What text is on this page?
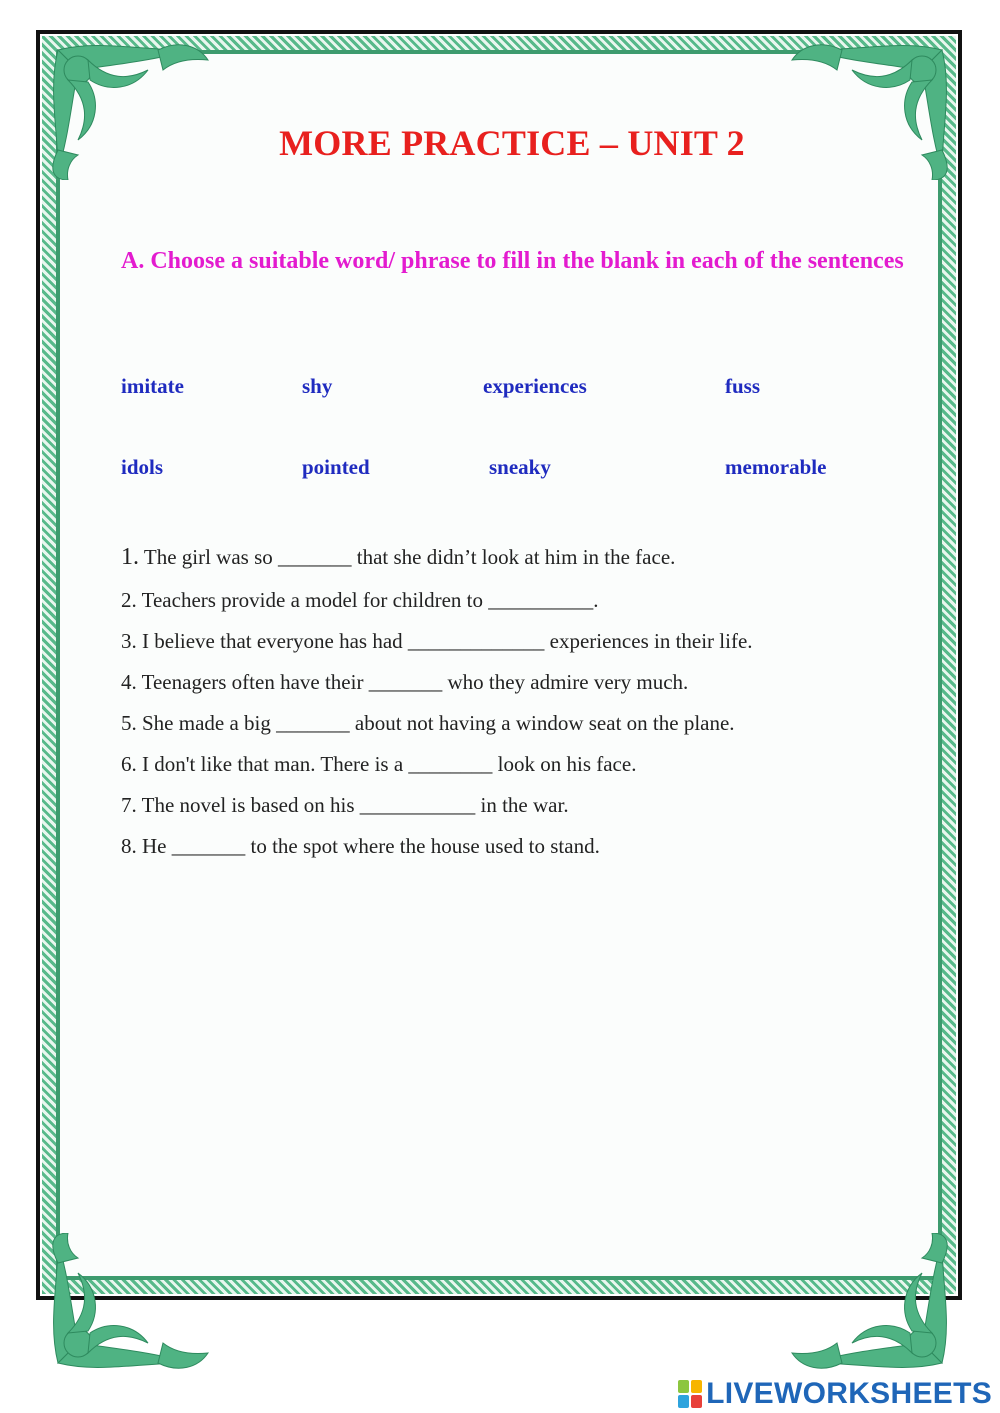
MORE PRACTICE – UNIT 2
A. Choose a suitable word/ phrase to fill in the blank in each of the sentences
imitate	shy	experiences	fuss
idols	pointed	sneaky	memorable
1. The girl was so _______ that she didn’t look at him in the face.
2. Teachers provide a model for children to __________.
3. I believe that everyone has had _____________ experiences in their life.
4. Teenagers often have their _______ who they admire very much.
5. She made a big _______ about not having a window seat on the plane.
6. I don't like that man. There is a ________ look on his face.
7. The novel is based on his ___________ in the war.
8. He _______ to the spot where the house used to stand.
LIVEWORKSHEETS
